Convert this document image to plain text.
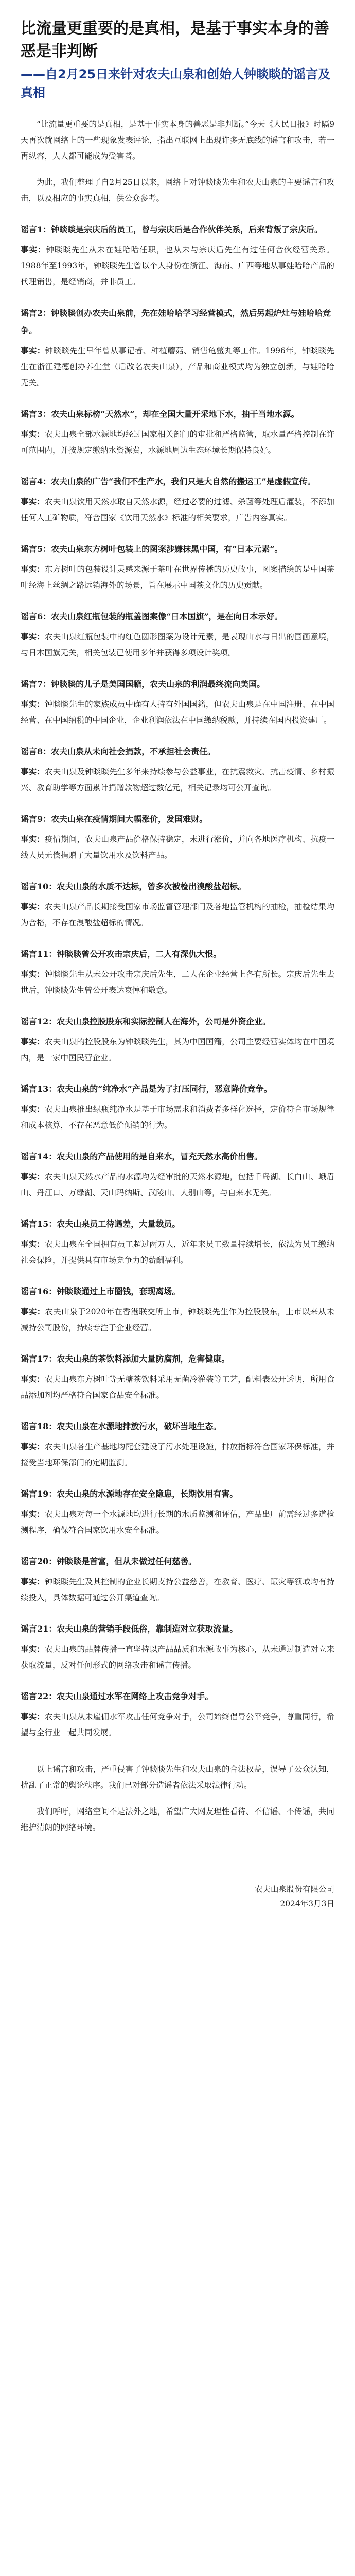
比流量更重要的是真相，是基于事实本身的善恶是非判断
——自2月25日来针对农夫山泉和创始人钟睒睒的谣言及真相

“比流量更重要的是真相，是基于事实本身的善恶是非判断。”今天《人民日报》时隔9天再次就网络上的一些现象发表评论，指出互联网上出现许多无底线的谣言和攻击，若一再纵容，人人都可能成为受害者。

为此，我们整理了自2月25日以来，网络上对钟睒睒先生和农夫山泉的主要谣言和攻击，以及相应的事实真相，供公众参考。

谣言1：钟睒睒是宗庆后的员工，曾与宗庆后是合作伙伴关系，后来背叛了宗庆后。

事实：钟睒睒先生从未在娃哈哈任职，也从未与宗庆后先生有过任何合伙经营关系。1988年至1993年，钟睒睒先生曾以个人身份在浙江、海南、广西等地从事娃哈哈产品的代理销售，是经销商，并非员工。

谣言2：钟睒睒创办农夫山泉前，先在娃哈哈学习经营模式，然后另起炉灶与娃哈哈竞争。

事实：钟睒睒先生早年曾从事记者、种植蘑菇、销售龟鳖丸等工作。1996年，钟睒睒先生在浙江建德创办养生堂（后改名农夫山泉），产品和商业模式均为独立创新，与娃哈哈无关。

谣言3：农夫山泉标榜“天然水”，却在全国大量开采地下水，抽干当地水源。

事实：农夫山泉全部水源地均经过国家相关部门的审批和严格监管，取水量严格控制在许可范围内，并按规定缴纳水资源费，水源地周边生态环境长期保持良好。

谣言4：农夫山泉的广告“我们不生产水，我们只是大自然的搬运工”是虚假宣传。

事实：农夫山泉饮用天然水取自天然水源，经过必要的过滤、杀菌等处理后灌装，不添加任何人工矿物质，符合国家《饮用天然水》标准的相关要求，广告内容真实。

谣言5：农夫山泉东方树叶包装上的图案涉嫌抹黑中国，有“日本元素”。

事实：东方树叶的包装设计灵感来源于茶叶在世界传播的历史故事，图案描绘的是中国茶叶经海上丝绸之路远销海外的场景，旨在展示中国茶文化的历史贡献。

谣言6：农夫山泉红瓶包装的瓶盖图案像“日本国旗”，是在向日本示好。

事实：农夫山泉红瓶包装中的红色圆形图案为设计元素，是表现山水与日出的国画意境，与日本国旗无关，相关包装已使用多年并获得多项设计奖项。

谣言7：钟睒睒的儿子是美国国籍，农夫山泉的利润最终流向美国。

事实：钟睒睒先生的家族成员中确有人持有外国国籍，但农夫山泉是在中国注册、在中国经营、在中国纳税的中国企业，企业利润依法在中国缴纳税款，并持续在国内投资建厂。

谣言8：农夫山泉从未向社会捐款，不承担社会责任。

事实：农夫山泉及钟睒睒先生多年来持续参与公益事业，在抗震救灾、抗击疫情、乡村振兴、教育助学等方面累计捐赠款物超过数亿元，相关记录均可公开查询。

谣言9：农夫山泉在疫情期间大幅涨价，发国难财。

事实：疫情期间，农夫山泉产品价格保持稳定，未进行涨价，并向各地医疗机构、抗疫一线人员无偿捐赠了大量饮用水及饮料产品。

谣言10：农夫山泉的水质不达标，曾多次被检出溴酸盐超标。

事实：农夫山泉产品长期接受国家市场监督管理部门及各地监管机构的抽检，抽检结果均为合格，不存在溴酸盐超标的情况。

谣言11：钟睒睒曾公开攻击宗庆后，二人有深仇大恨。

事实：钟睒睒先生从未公开攻击宗庆后先生，二人在企业经营上各有所长。宗庆后先生去世后，钟睒睒先生曾公开表达哀悼和敬意。

谣言12：农夫山泉控股股东和实际控制人在海外，公司是外资企业。

事实：农夫山泉的控股股东为钟睒睒先生，其为中国国籍，公司主要经营实体均在中国境内，是一家中国民营企业。

谣言13：农夫山泉的“纯净水”产品是为了打压同行，恶意降价竞争。

事实：农夫山泉推出绿瓶纯净水是基于市场需求和消费者多样化选择，定价符合市场规律和成本核算，不存在恶意低价倾销的行为。

谣言14：农夫山泉的产品使用的是自来水，冒充天然水高价出售。

事实：农夫山泉天然水产品的水源均为经审批的天然水源地，包括千岛湖、长白山、峨眉山、丹江口、万绿湖、天山玛纳斯、武陵山、大别山等，与自来水无关。

谣言15：农夫山泉员工待遇差，大量裁员。

事实：农夫山泉在全国拥有员工超过两万人，近年来员工数量持续增长，依法为员工缴纳社会保险，并提供具有市场竞争力的薪酬福利。

谣言16：钟睒睒通过上市圈钱，套现离场。

事实：农夫山泉于2020年在香港联交所上市，钟睒睒先生作为控股股东，上市以来从未减持公司股份，持续专注于企业经营。

谣言17：农夫山泉的茶饮料添加大量防腐剂，危害健康。

事实：农夫山泉东方树叶等无糖茶饮料采用无菌冷灌装等工艺，配料表公开透明，所用食品添加剂均严格符合国家食品安全标准。

谣言18：农夫山泉在水源地排放污水，破坏当地生态。

事实：农夫山泉各生产基地均配套建设了污水处理设施，排放指标符合国家环保标准，并接受当地环保部门的定期监测。

谣言19：农夫山泉的水源地存在安全隐患，长期饮用有害。

事实：农夫山泉对每一个水源地均进行长期的水质监测和评估，产品出厂前需经过多道检测程序，确保符合国家饮用水安全标准。

谣言20：钟睒睒是首富，但从未做过任何慈善。

事实：钟睒睒先生及其控制的企业长期支持公益慈善，在教育、医疗、赈灾等领域均有持续投入，具体数据可通过公开渠道查询。

谣言21：农夫山泉的营销手段低俗，靠制造对立获取流量。

事实：农夫山泉的品牌传播一直坚持以产品品质和水源故事为核心，从未通过制造对立来获取流量，反对任何形式的网络攻击和谣言传播。

谣言22：农夫山泉通过水军在网络上攻击竞争对手。

事实：农夫山泉从未雇佣水军攻击任何竞争对手，公司始终倡导公平竞争，尊重同行，希望与全行业一起共同发展。

以上谣言和攻击，严重侵害了钟睒睒先生和农夫山泉的合法权益，误导了公众认知，扰乱了正常的舆论秩序。我们已对部分造谣者依法采取法律行动。

我们呼吁，网络空间不是法外之地，希望广大网友理性看待、不信谣、不传谣，共同维护清朗的网络环境。

农夫山泉股份有限公司
2024年3月3日
